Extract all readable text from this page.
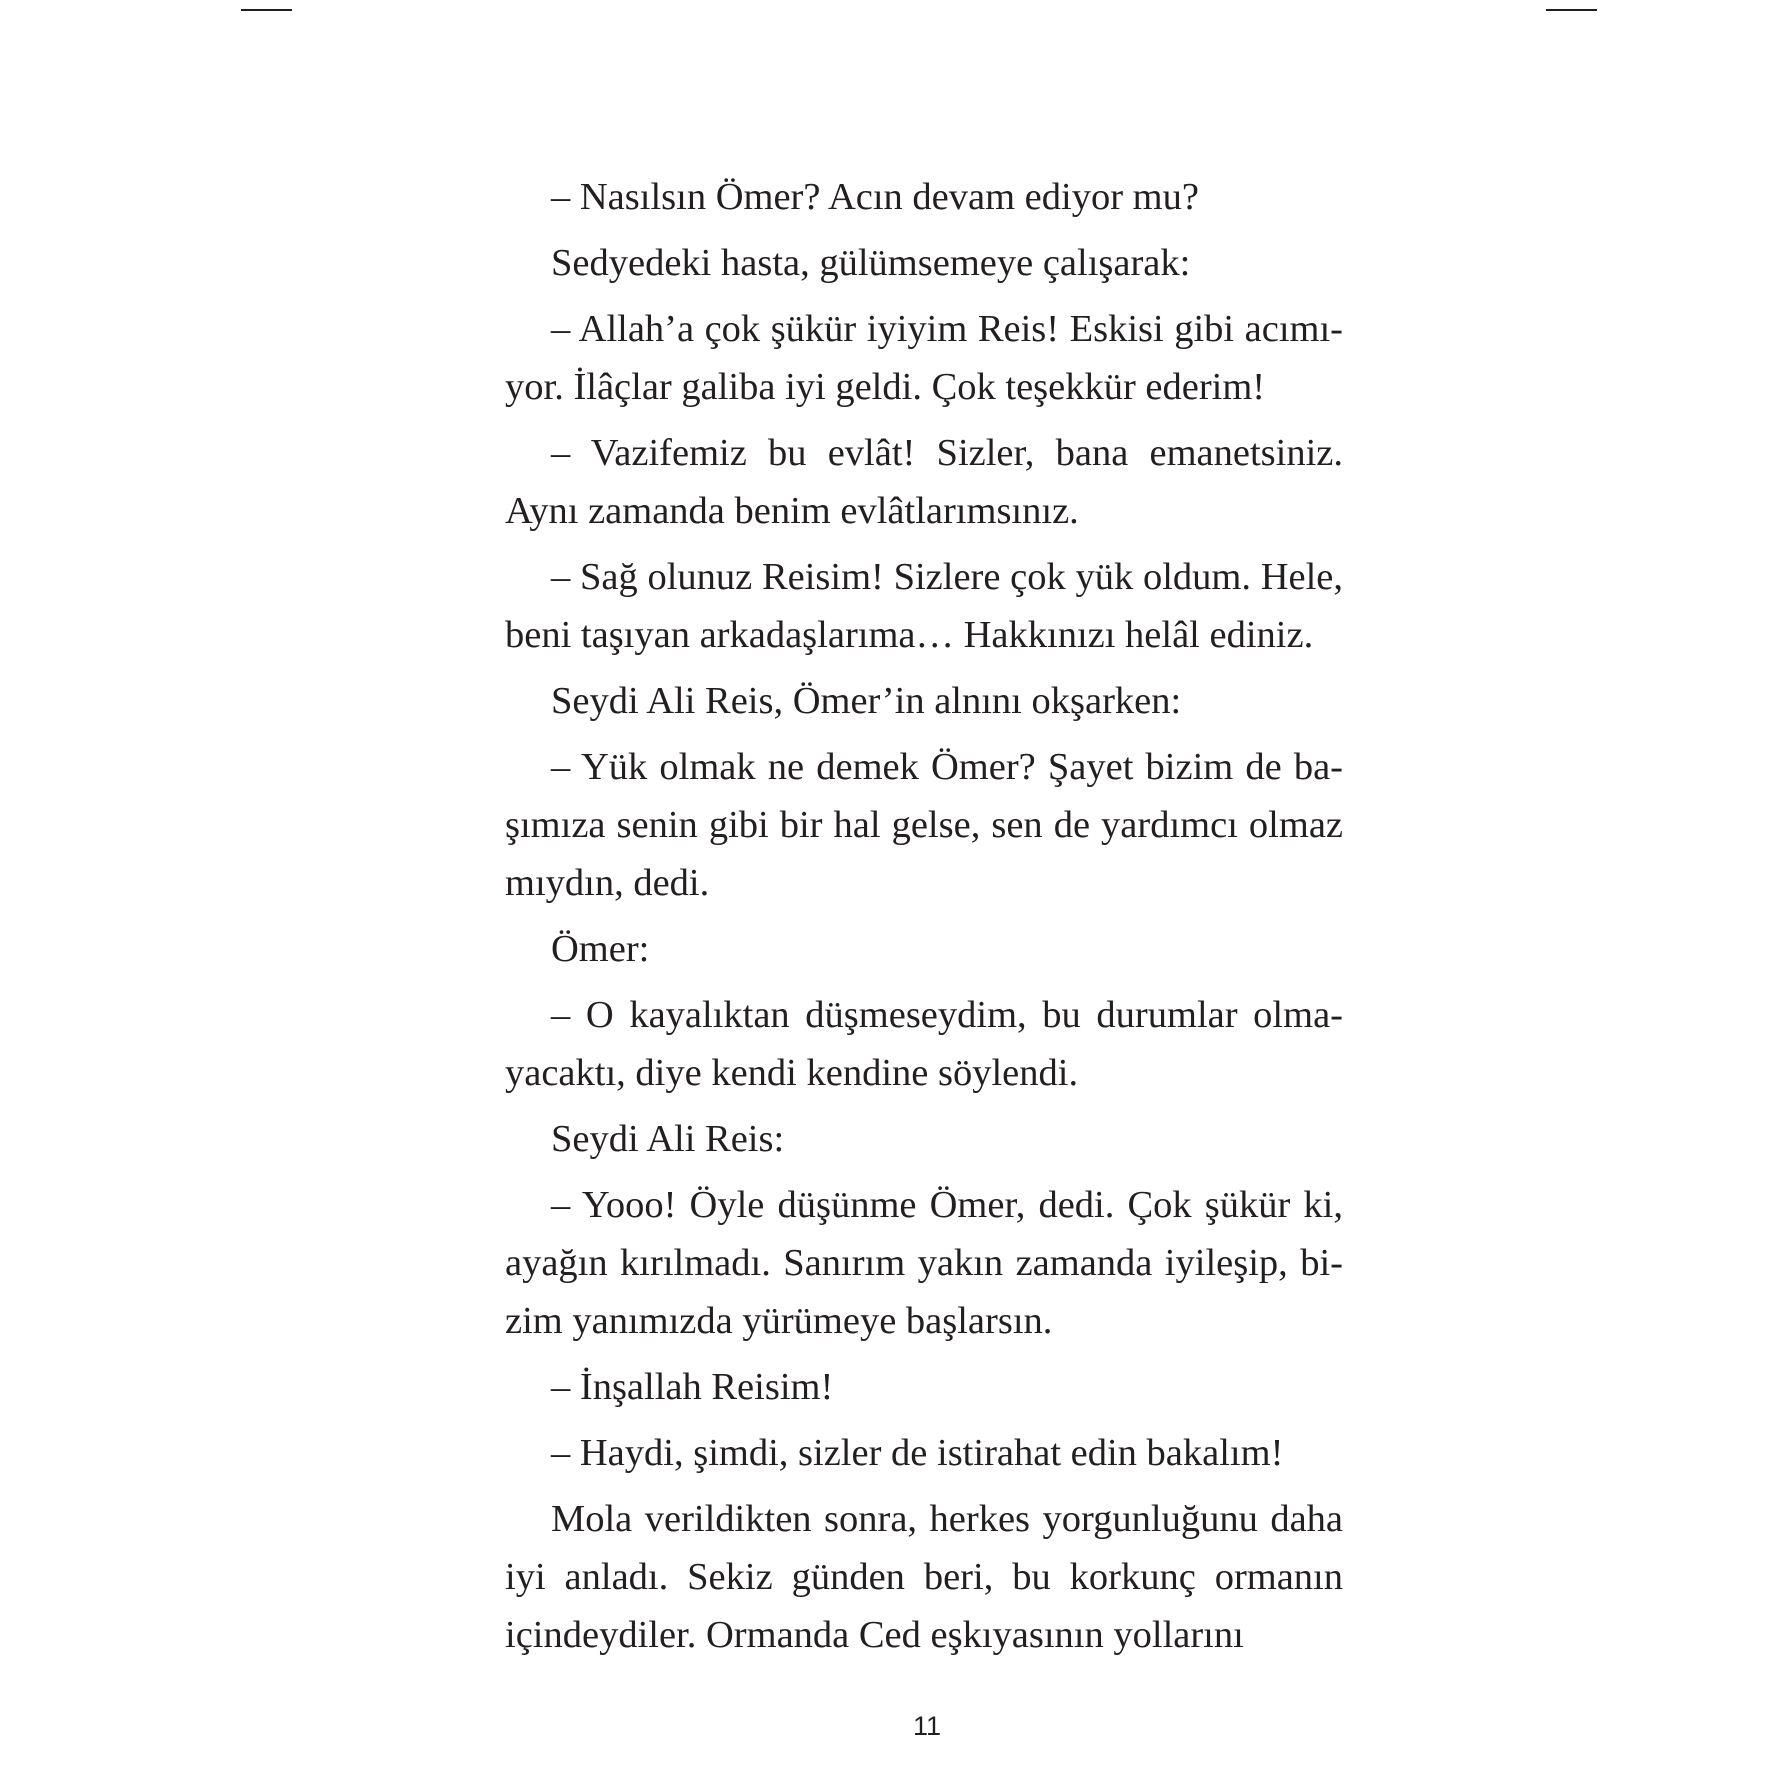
– Nasılsın Ömer? Acın devam ediyor mu?

Sedyedeki hasta, gülümsemeye çalışarak:

– Allah’a çok şükür iyiyim Reis! Eskisi gibi acımıyor. İlâçlar galiba iyi geldi. Çok teşekkür ederim!

– Vazifemiz bu evlât! Sizler, bana emanetsiniz. Aynı zamanda benim evlâtlarımsınız.

– Sağ olunuz Reisim! Sizlere çok yük oldum. Hele, beni taşıyan arkadaşlarıma… Hakkınızı helâl ediniz.

Seydi Ali Reis, Ömer’in alnını okşarken:

– Yük olmak ne demek Ömer? Şayet bizim de başımıza senin gibi bir hal gelse, sen de yardımcı olmaz mıydın, dedi.

Ömer:

– O kayalıktan düşmeseydim, bu durumlar olmayacaktı, diye kendi kendine söylendi.

Seydi Ali Reis:

– Yooo! Öyle düşünme Ömer, dedi. Çok şükür ki, ayağın kırılmadı. Sanırım yakın zamanda iyileşip, bizim yanımızda yürümeye başlarsın.

– İnşallah Reisim!

– Haydi, şimdi, sizler de istirahat edin bakalım!

Mola verildikten sonra, herkes yorgunluğunu daha iyi anladı. Sekiz günden beri, bu korkunç ormanın içindeydiler. Ormanda Ced eşkıyasının yollarını

11
